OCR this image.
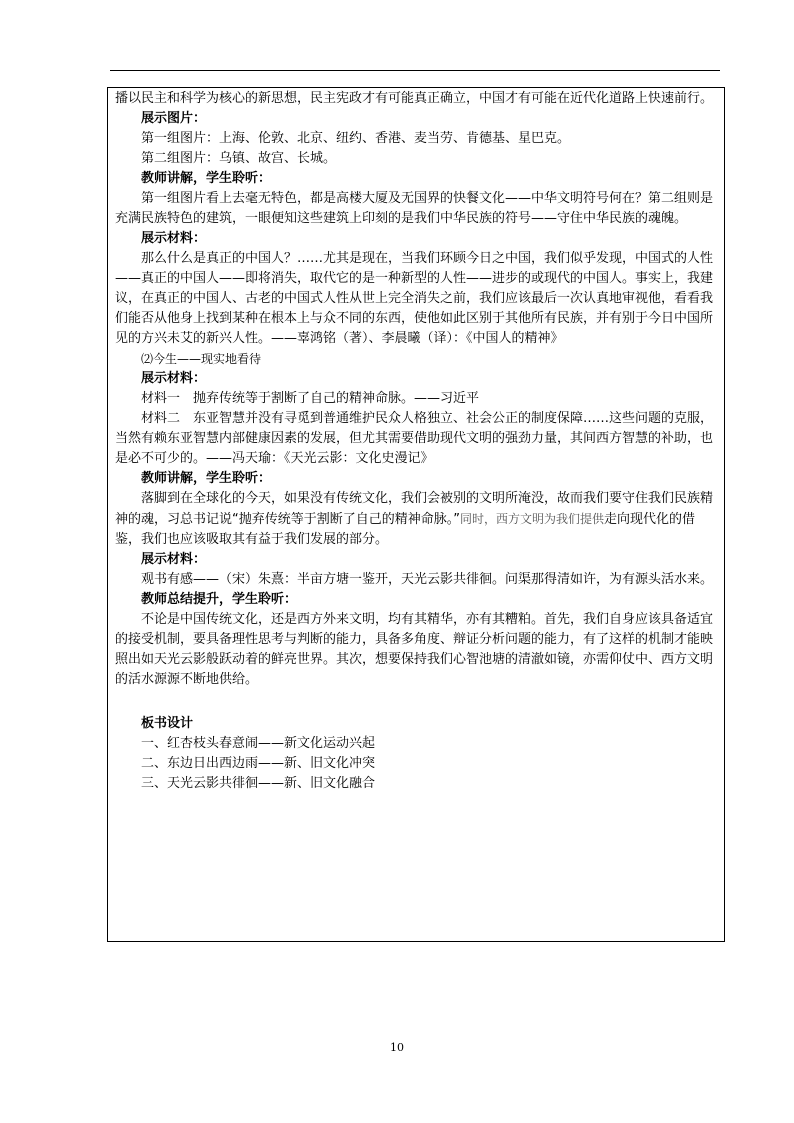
播以民主和科学为核心的新思想，民主宪政才有可能真正确立，中国才有可能在近代化道路上快速前行。

展示图片：

第一组图片：上海、伦敦、北京、纽约、香港、麦当劳、肯德基、星巴克。

第二组图片：乌镇、故宫、长城。

教师讲解，学生聆听：

第一组图片看上去毫无特色，都是高楼大厦及无国界的快餐文化——中华文明符号何在？第二组则是充满民族特色的建筑，一眼便知这些建筑上印刻的是我们中华民族的符号——守住中华民族的魂魄。

展示材料：

那么什么是真正的中国人？……尤其是现在，当我们环顾今日之中国，我们似乎发现，中国式的人性——真正的中国人——即将消失，取代它的是一种新型的人性——进步的或现代的中国人。事实上，我建议，在真正的中国人、古老的中国式人性从世上完全消失之前，我们应该最后一次认真地审视他，看看我们能否从他身上找到某种在根本上与众不同的东西，使他如此区别于其他所有民族，并有别于今日中国所见的方兴未艾的新兴人性。——辜鸿铭（著）、李晨曦（译）：《中国人的精神》

⑵今生——现实地看待

展示材料：

材料一　抛弃传统等于割断了自己的精神命脉。——习近平

材料二　东亚智慧并没有寻觅到普通维护民众人格独立、社会公正的制度保障……这些问题的克服，当然有赖东亚智慧内部健康因素的发展，但尤其需要借助现代文明的强劲力量，其间西方智慧的补助，也是必不可少的。——冯天瑜：《天光云影：文化史漫记》

教师讲解，学生聆听：

落脚到在全球化的今天，如果没有传统文化，我们会被别的文明所淹没，故而我们要守住我们民族精神的魂，习总书记说“抛弃传统等于割断了自己的精神命脉。”同时，西方文明为我们提供走向现代化的借鉴，我们也应该吸取其有益于我们发展的部分。

展示材料：

观书有感——（宋）朱熹：半亩方塘一鉴开，天光云影共徘徊。问渠那得清如许，为有源头活水来。

教师总结提升，学生聆听：

不论是中国传统文化，还是西方外来文明，均有其精华，亦有其糟粕。首先，我们自身应该具备适宜的接受机制，要具备理性思考与判断的能力，具备多角度、辩证分析问题的能力，有了这样的机制才能映照出如天光云影般跃动着的鲜亮世界。其次，想要保持我们心智池塘的清澈如镜，亦需仰仗中、西方文明的活水源源不断地供给。

板书设计

一、红杏枝头春意闹——新文化运动兴起

二、东边日出西边雨——新、旧文化冲突

三、天光云影共徘徊——新、旧文化融合

10
